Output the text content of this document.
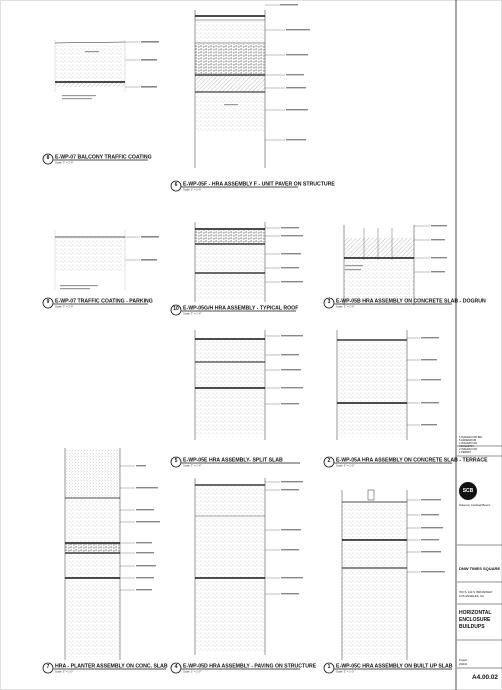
8 E-WP-07 BALCONY TRAFFIC COATING
Scale: 3" = 1'-0"
6 E-WP-05F - HRA ASSEMBLY F - UNIT PAVER ON STRUCTURE
Scale: 3" = 1'-0"
9 E-WP-07 TRAFFIC COATING - PARKING
Scale: 3" = 1'-0"	10 E-WP-05G/H HRA ASSEMBLY - TYPICAL ROOF
Scale: 3" = 1'-0"
3 E-WP-05B HRA ASSEMBLY ON CONCRETE SLAB - DOGRUN
Scale: 3" = 1'-0"
5 E-WP-05E HRA ASSEMBLY- SPLIT SLAB
Scale: 3" = 1'-0"
2 E-WP-05A HRA ASSEMBLY ON CONCRETE SLAB - TERRACE
Scale: 3" = 1'-0"
7 HRA - PLANTER ASSEMBLY ON CONC. SLAB
Scale: 3" = 1'-0"
4 E-WP-05D HRA ASSEMBLY - PAVING ON STRUCTURE
Scale: 3" = 1'-0"
1 E-WP-05C HRA ASSEMBLY ON BUILT UP SLAB
Scale: 3" = 1'-0"
6 ISSUED FOR BID
5 ADDENDUM
4 ISSUED FOR
3 BULLETIN
2 ISSUED FOR
1 PERMIT
SCB
Solomon Cordwell Buenz
DNW TIMES SQUARE
700 S. 110 S. BROADWAY
LOS ANGELES, CA
HORIZONTAL
ENCLOSURE
BUILDUPS
Project
201101
A4.00.02
